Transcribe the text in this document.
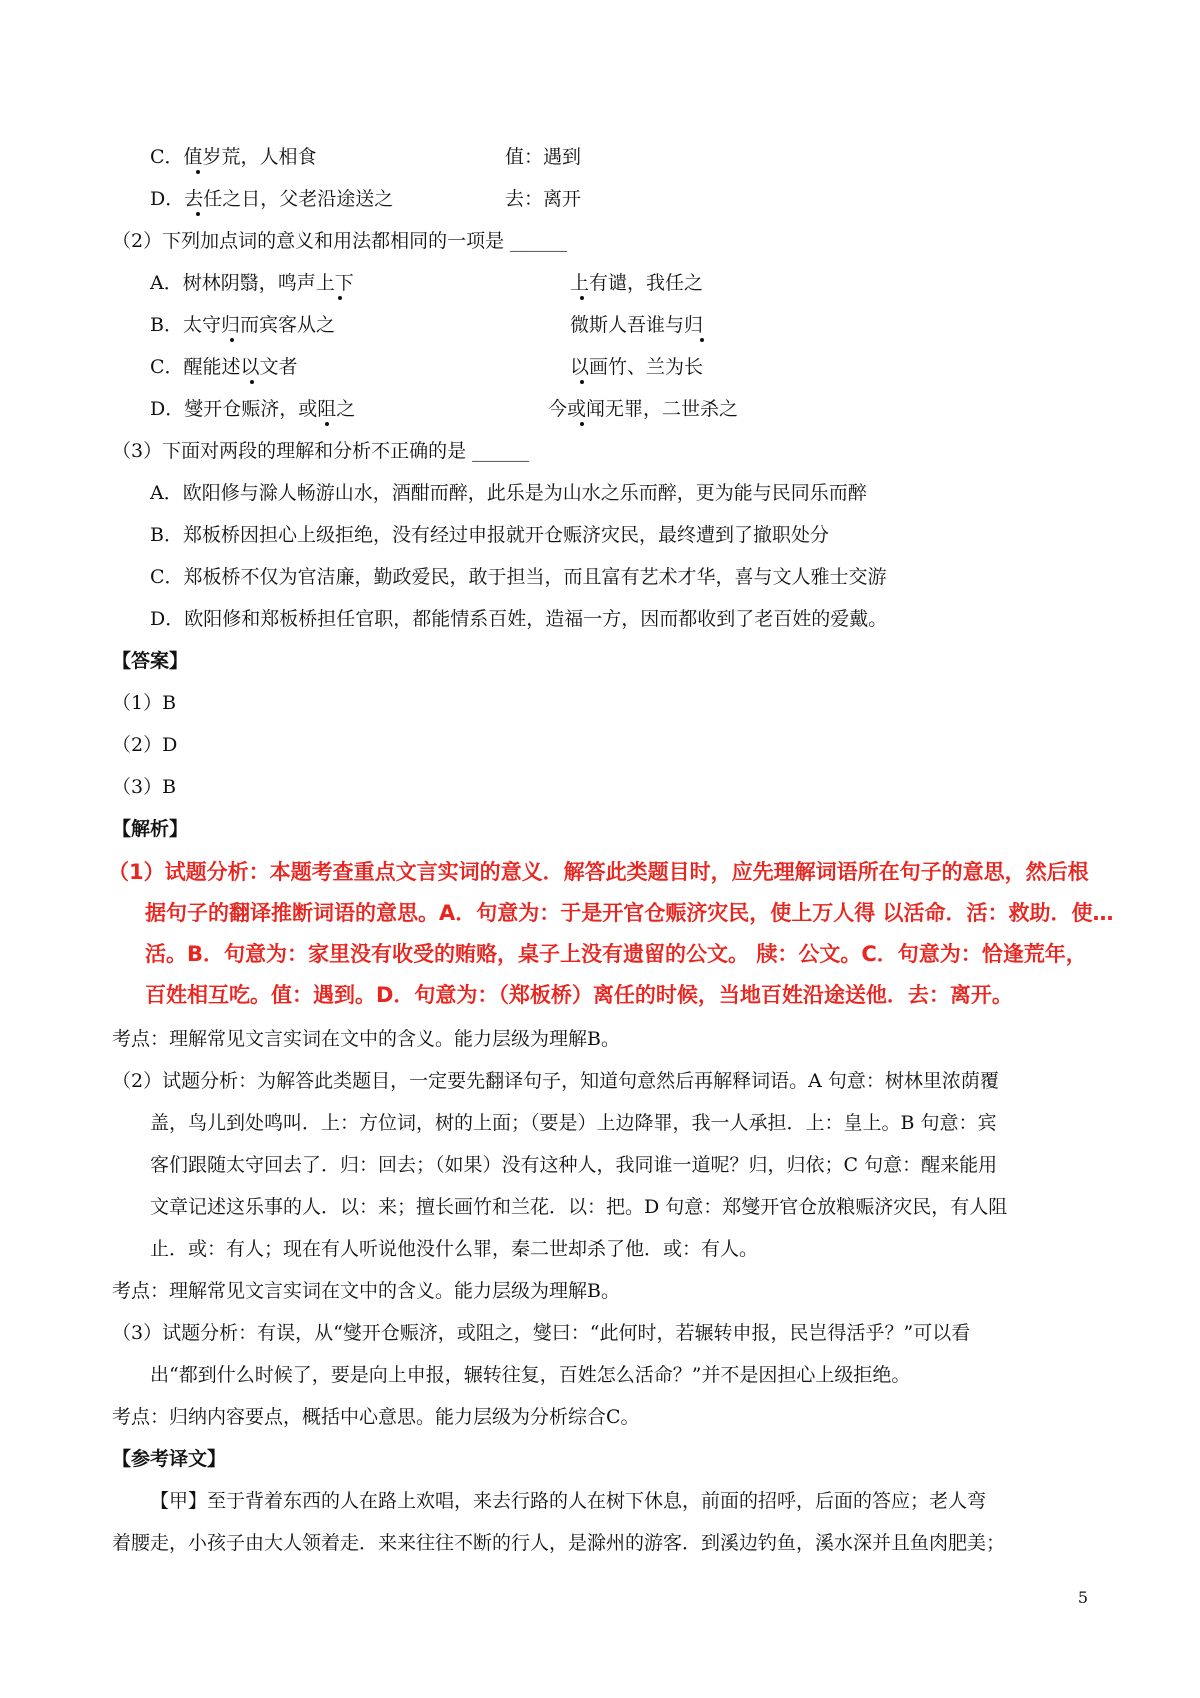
C．值岁荒，人相食	值：遇到
D．去任之日，父老沿途送之	去：离开
（2）下列加点词的意义和用法都相同的一项是 ______
A．树林阴翳，鸣声上下	上有谴，我任之
B．太守归而宾客从之	微斯人吾谁与归
C．醒能述以文者	以画竹、兰为长
D．燮开仓赈济，或阻之	今或闻无罪，二世杀之
（3）下面对两段的理解和分析不正确的是 ______
A．欧阳修与滁人畅游山水，酒酣而醉，此乐是为山水之乐而醉，更为能与民同乐而醉
B．郑板桥因担心上级拒绝，没有经过申报就开仓赈济灾民，最终遭到了撤职处分
C．郑板桥不仅为官洁廉，勤政爱民，敢于担当，而且富有艺术才华，喜与文人雅士交游
D．欧阳修和郑板桥担任官职，都能情系百姓，造福一方，因而都收到了老百姓的爱戴。
【答案】
（1）B
（2）D
（3）B
【解析】
（1）试题分析：本题考查重点文言实词的意义．解答此类题目时，应先理解词语所在句子的意思，然后根
据句子的翻译推断词语的意思。A．句意为：于是开官仓赈济灾民，使上万人得 以活命．活：救助．使…
活。B．句意为：家里没有收受的贿赂，桌子上没有遗留的公文。 牍：公文。C．句意为：恰逢荒年，
百姓相互吃。值：遇到。D．句意为：（郑板桥）离任的时候，当地百姓沿途送他．去：离开。
考点：理解常见文言实词在文中的含义。能力层级为理解B。
（2）试题分析：为解答此类题目，一定要先翻译句子，知道句意然后再解释词语。A 句意：树林里浓荫覆
盖，鸟儿到处鸣叫．上：方位词，树的上面；（要是）上边降罪，我一人承担．上：皇上。B 句意：宾
客们跟随太守回去了．归：回去；（如果）没有这种人，我同谁一道呢？归，归依；C 句意：醒来能用
文章记述这乐事的人．以：来；擅长画竹和兰花．以：把。D 句意：郑燮开官仓放粮赈济灾民，有人阻
止．或：有人；现在有人听说他没什么罪，秦二世却杀了他．或：有人。
考点：理解常见文言实词在文中的含义。能力层级为理解B。
（3）试题分析：有误，从“燮开仓赈济，或阻之，燮曰：“此何时，若辗转申报，民岂得活乎？”可以看
出“都到什么时候了，要是向上申报，辗转往复，百姓怎么活命？”并不是因担心上级拒绝。
考点：归纳内容要点，概括中心意思。能力层级为分析综合C。
【参考译文】
【甲】至于背着东西的人在路上欢唱，来去行路的人在树下休息，前面的招呼，后面的答应；老人弯
着腰走，小孩子由大人领着走．来来往往不断的行人，是滁州的游客．到溪边钓鱼，溪水深并且鱼肉肥美；
5
